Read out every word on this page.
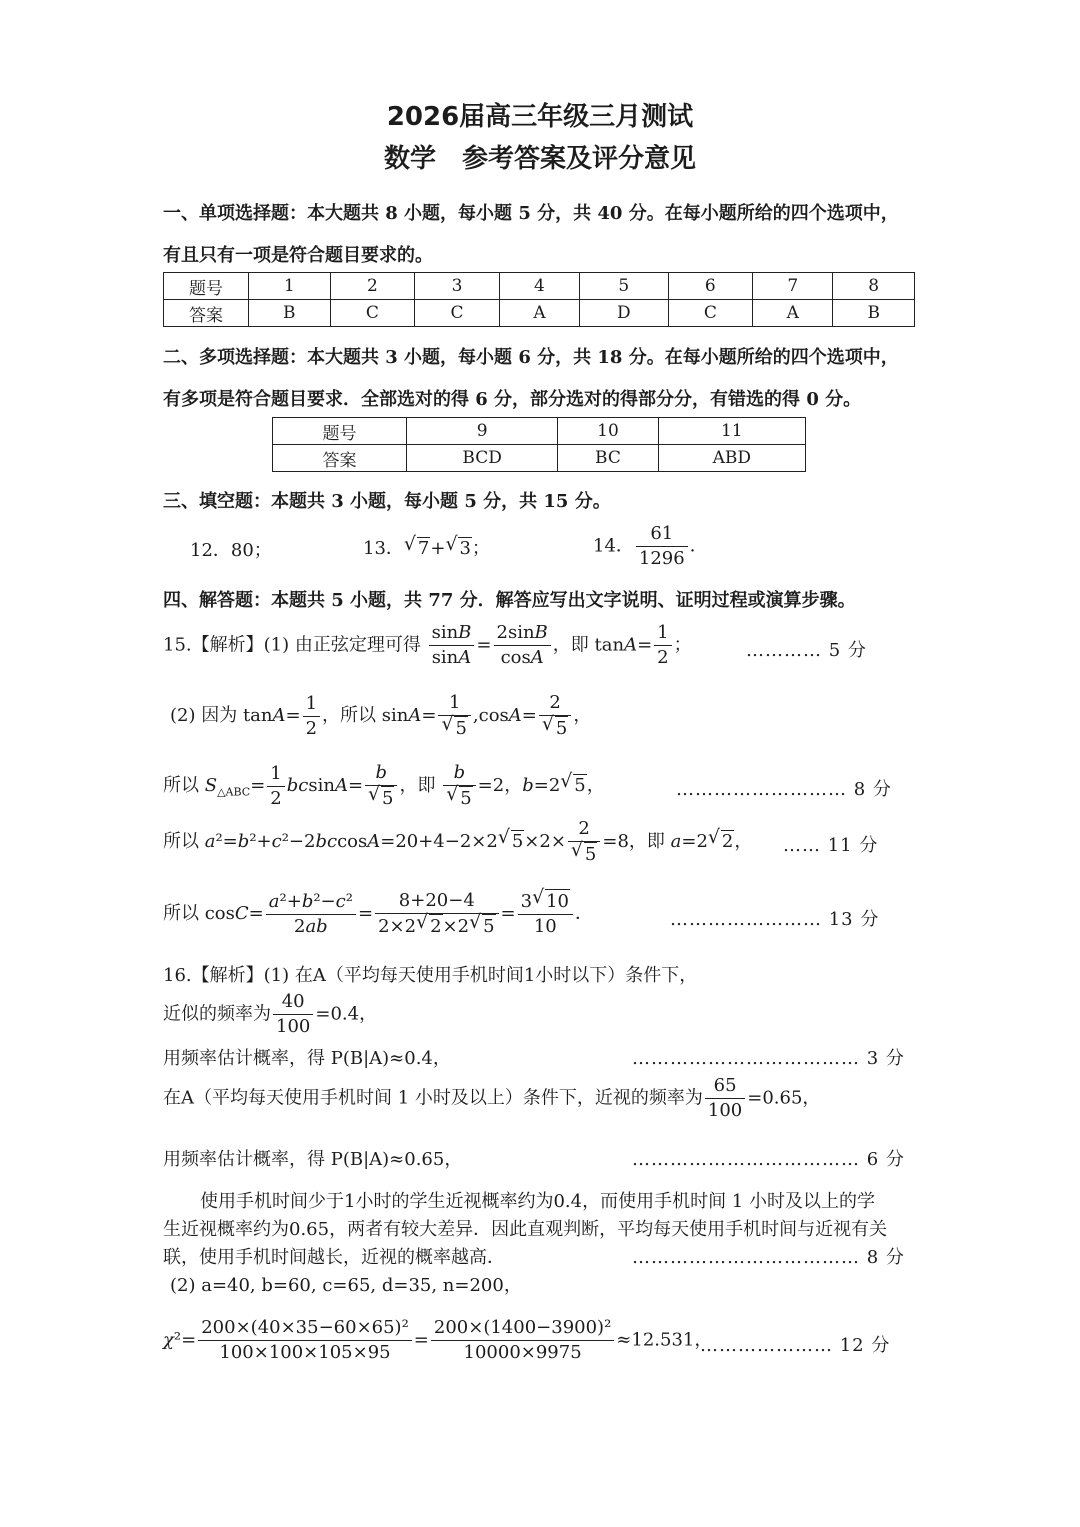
2026届高三年级三月测试
数学　参考答案及评分意见
一、单项选择题：本大题共 8 小题，每小题 5 分，共 40 分。在每小题所给的四个选项中，
有且只有一项是符合题目要求的。
题号	1	2	3	4	5	6	7	8
答案	B	C	C	A	D	C	A	B
二、多项选择题：本大题共 3 小题，每小题 6 分，共 18 分。在每小题所给的四个选项中，
有多项是符合题目要求．全部选对的得 6 分，部分选对的得部分分，有错选的得 0 分。
题号	9	10	11
答案	BCD	BC	ABD
三、填空题：本题共 3 小题，每小题 5 分，共 15 分。
12．80；	13． √ 7+ √ 3；	14． $\frac{61}{1296}$ ．
四、解答题：本题共 5 小题，共 77 分．解答应写出文字说明、证明过程或演算步骤。
15.【解析】(1) 由正弦定理可得 $\frac{\sin B}{\sin A} = \frac{2\sin B}{\cos A}$ ，即 $\tan A= \frac{1}{2}$ ；	………… 5 分
(2) 因为 $\tan A= \frac{1}{2}$ ，所以 sinA= 1
√ 5 ,cosA= 2
√ 5 ，
所以 $S_{\triangle ABC}= \frac{1}{2} bcsinA= b$
√ 5 ，即 b
√ 5 =2，b=2 √ 5，	……………………… 8 分
所以 a²=b²+c²−2bccosA=20+4−2×2 √ 5×2× 2
√ 5 =8，即 a=2 √ 2， …… 11 分
所以 $\cos C= \frac{\text{a²+b²−c²}}{2ab} = \frac{8+20-4}{2\times 2 √ 2\times 2 √ 5} = \frac{3 √ 10}{10}$ ．	…………………… 13 分
16.【解析】(1) 在A（平均每天使用手机时间1小时以下）条件下，
近似的频率为 $\frac{40}{100} =0.4$，
用频率估计概率，得 P(B|A)≈0.4，	……………………………… 3 分
在A（平均每天使用手机时间 1 小时及以上）条件下，近视的频率为 $\frac{65}{100} =0.65$，
用频率估计概率，得 P(B|A)≈0.65，	……………………………… 6 分
使用手机时间少于1小时的学生近视概率约为0.4，而使用手机时间 1 小时及以上的学
生近视概率约为0.65，两者有较大差异．因此直观判断，平均每天使用手机时间与近视有关
联，使用手机时间越长，近视的概率越高．	……………………………… 8 分
(2) a=40, b=60, c=65, d=35, n=200，
$\chi^2= \frac{\text{200×(40×35−60×65)²}}{100\times 100\times 105\times 95} = \frac{\text{200×(1400−3900)²}}{10000\times 9975} \approx 12.531$，
………………… 12 分
